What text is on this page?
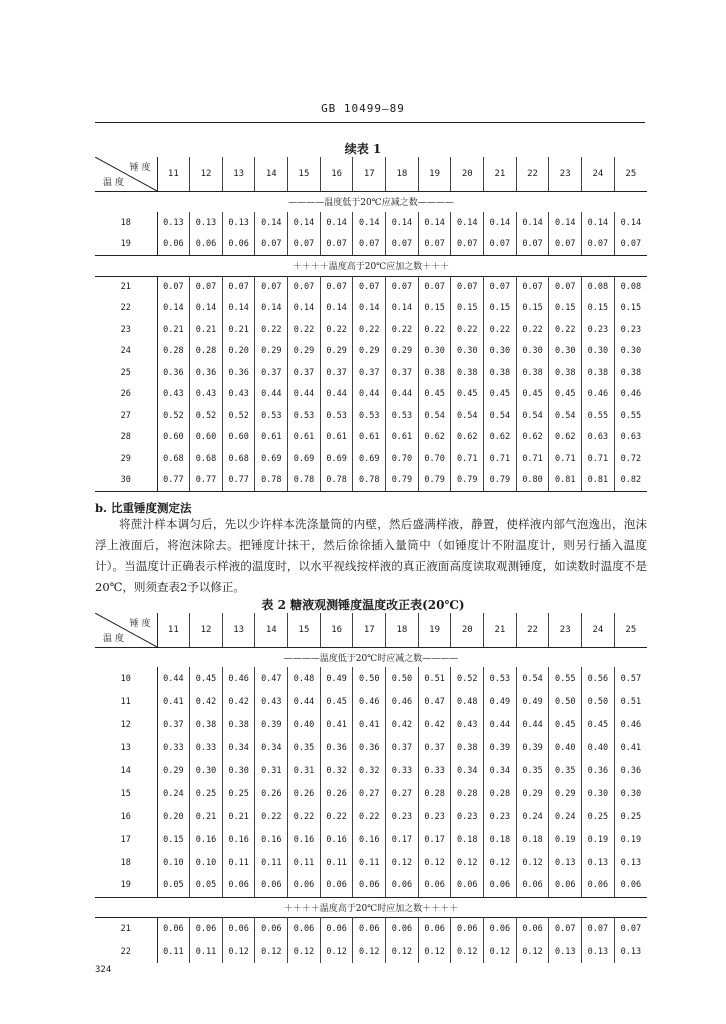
GB 10499—89
续表 1
锤 度
温 度	11	12	13	14	15	16	17	18	19	20	21	22	23	24	25
————温度低于20℃应减之数————															
18	0.13	0.13	0.13	0.14	0.14	0.14	0.14	0.14	0.14	0.14	0.14	0.14	0.14	0.14	0.14
19	0.06	0.06	0.06	0.07	0.07	0.07	0.07	0.07	0.07	0.07	0.07	0.07	0.07	0.07	0.07
＋＋＋＋温度高于20℃应加之数＋＋＋															
21	0.07	0.07	0.07	0.07	0.07	0.07	0.07	0.07	0.07	0.07	0.07	0.07	0.07	0.08	0.08
22	0.14	0.14	0.14	0.14	0.14	0.14	0.14	0.14	0.15	0.15	0.15	0.15	0.15	0.15	0.15
23	0.21	0.21	0.21	0.22	0.22	0.22	0.22	0.22	0.22	0.22	0.22	0.22	0.22	0.23	0.23
24	0.28	0.28	0.20	0.29	0.29	0.29	0.29	0.29	0.30	0.30	0.30	0.30	0.30	0.30	0.30
25	0.36	0.36	0.36	0.37	0.37	0.37	0.37	0.37	0.38	0.38	0.38	0.38	0.38	0.38	0.38
26	0.43	0.43	0.43	0.44	0.44	0.44	0.44	0.44	0.45	0.45	0.45	0.45	0.45	0.46	0.46
27	0.52	0.52	0.52	0.53	0.53	0.53	0.53	0.53	0.54	0.54	0.54	0.54	0.54	0.55	0.55
28	0.60	0.60	0.60	0.61	0.61	0.61	0.61	0.61	0.62	0.62	0.62	0.62	0.62	0.63	0.63
29	0.68	0.68	0.68	0.69	0.69	0.69	0.69	0.70	0.70	0.71	0.71	0.71	0.71	0.71	0.72
30	0.77	0.77	0.77	0.78	0.78	0.78	0.78	0.79	0.79	0.79	0.79	0.80	0.81	0.81	0.82
b. 比重锤度测定法
将蔗汁样本调匀后，先以少许样本洗涤量筒的内壁，然后盛满样液，静置，使样液内部气泡逸出，泡沫浮上液面后，将泡沫除去。把锤度计抹干，然后徐徐插入量筒中（如锤度计不附温度计，则另行插入温度计）。当温度计正确表示样液的温度时，以水平视线按样液的真正液面高度读取观测锤度，如读数时温度不是20℃，则须查表2予以修正。
表 2 糖液观测锤度温度改正表(20℃)
锤 度
温 度	11	12	13	14	15	16	17	18	19	20	21	22	23	24	25
————温度低于20℃时应减之数————															
10	0.44	0.45	0.46	0.47	0.48	0.49	0.50	0.50	0.51	0.52	0.53	0.54	0.55	0.56	0.57
11	0.41	0.42	0.42	0.43	0.44	0.45	0.46	0.46	0.47	0.48	0.49	0.49	0.50	0.50	0.51
12	0.37	0.38	0.38	0.39	0.40	0.41	0.41	0.42	0.42	0.43	0.44	0.44	0.45	0.45	0.46
13	0.33	0.33	0.34	0.34	0.35	0.36	0.36	0.37	0.37	0.38	0.39	0.39	0.40	0.40	0.41
14	0.29	0.30	0.30	0.31	0.31	0.32	0.32	0.33	0.33	0.34	0.34	0.35	0.35	0.36	0.36
15	0.24	0.25	0.25	0.26	0.26	0.26	0.27	0.27	0.28	0.28	0.28	0.29	0.29	0.30	0.30
16	0.20	0.21	0.21	0.22	0.22	0.22	0.22	0.23	0.23	0.23	0.23	0.24	0.24	0.25	0.25
17	0.15	0.16	0.16	0.16	0.16	0.16	0.16	0.17	0.17	0.18	0.18	0.18	0.19	0.19	0.19
18	0.10	0.10	0.11	0.11	0.11	0.11	0.11	0.12	0.12	0.12	0.12	0.12	0.13	0.13	0.13
19	0.05	0.05	0.06	0.06	0.06	0.06	0.06	0.06	0.06	0.06	0.06	0.06	0.06	0.06	0.06
＋＋＋＋温度高于20℃时应加之数＋＋＋＋															
21	0.06	0.06	0.06	0.06	0.06	0.06	0.06	0.06	0.06	0.06	0.06	0.06	0.07	0.07	0.07
22	0.11	0.11	0.12	0.12	0.12	0.12	0.12	0.12	0.12	0.12	0.12	0.12	0.13	0.13	0.13
324
